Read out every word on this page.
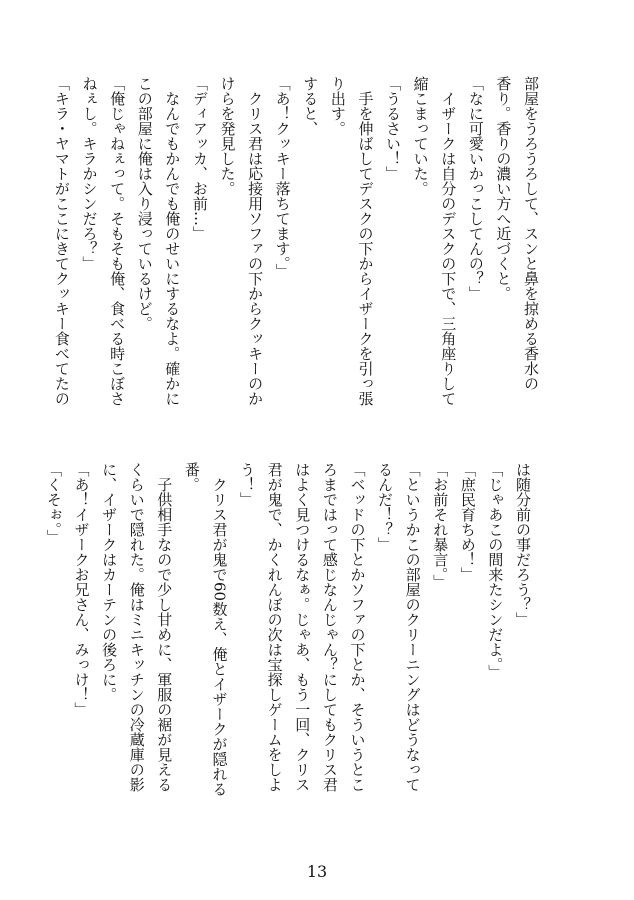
部屋をうろうろして、スンと鼻を掠める香水の
香り。香りの濃い方へ近づくと。
「なに可愛いかっこしてんの？」
　イザークは自分のデスクの下で、三角座りして
縮こまっていた。
「うるさい！」
　手を伸ばしてデスクの下からイザークを引っ張
り出す。
すると、
「あ！クッキー落ちてます。」
　クリス君は応接用ソファの下からクッキーのか
けらを発見した。
「ディアッカ、お前…」
　なんでもかんでも俺のせいにするなよ。確かに
この部屋に俺は入り浸っているけど。
「俺じゃねぇって。そもそも俺、食べる時こぼさ
ねぇし。キラかシンだろ？」
「キラ・ヤマトがここにきてクッキー食べてたの
は随分前の事だろう？」
「じゃあこの間来たシンだよ。」
「庶民育ちめ！」
「お前それ暴言。」
「というかこの部屋のクリーニングはどうなって
るんだ！？」
「ベッドの下とかソファの下とか、そういうとこ
ろまではって感じなんじゃん？にしてもクリス君
はよく見つけるなぁ。じゃあ、もう一回、クリス
君が鬼で、かくれんぼの次は宝探しゲームをしよ
う！」
　クリス君が鬼で60数え、俺とイザークが隠れる
番。
　子供相手なので少し甘めに、軍服の裾が見える
くらいで隠れた。俺はミニキッチンの冷蔵庫の影
に、イザークはカーテンの後ろに。
「あ！イザークお兄さん、みっけ！」
「くそぉ。」
13
